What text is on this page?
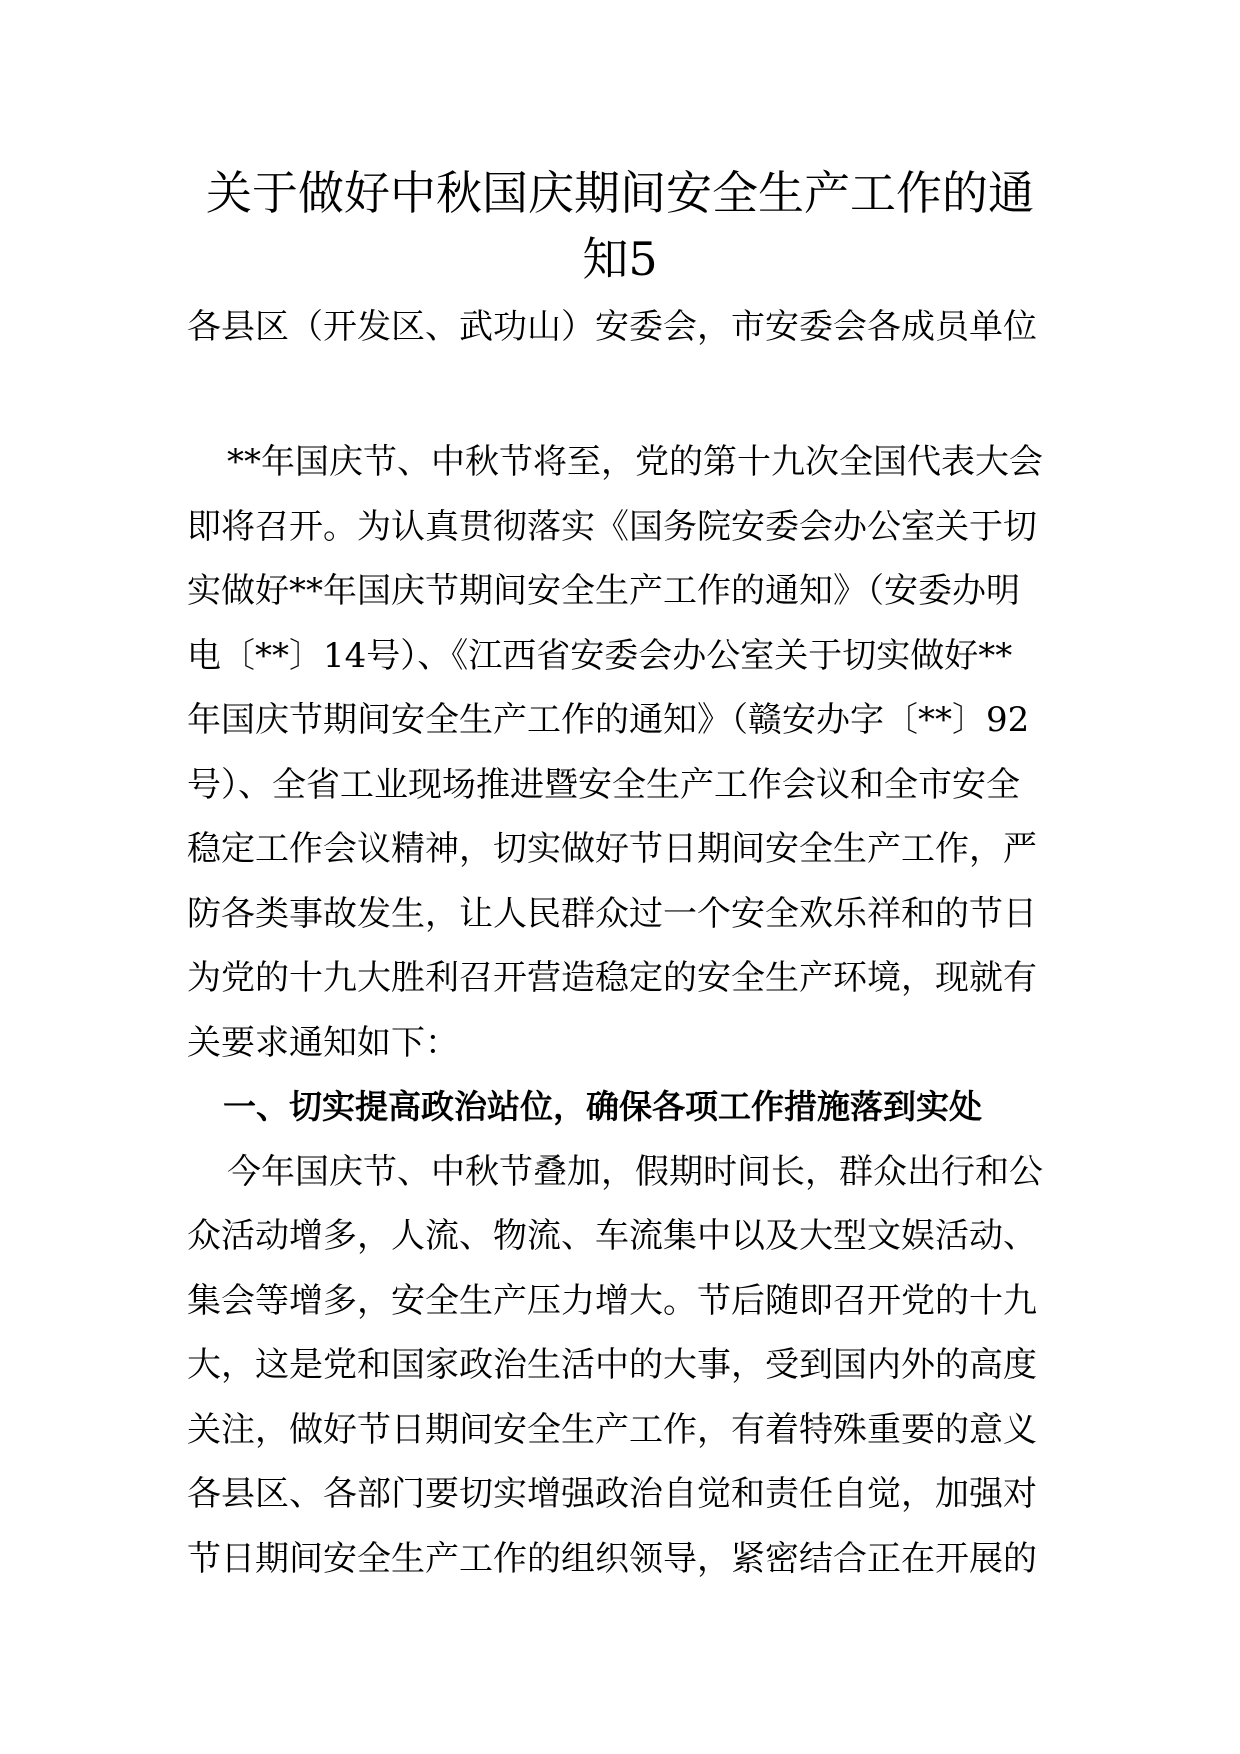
关于做好中秋国庆期间安全生产工作的通
知5

各县区（开发区、武功山）安委会，市安委会各成员单位

**年国庆节、中秋节将至，党的第十九次全国代表大会
即将召开。为认真贯彻落实《国务院安委会办公室关于切
实做好**年国庆节期间安全生产工作的通知》（安委办明
电〔**〕14号）、《江西省安委会办公室关于切实做好**
年国庆节期间安全生产工作的通知》（赣安办字〔**〕92
号）、全省工业现场推进暨安全生产工作会议和全市安全
稳定工作会议精神，切实做好节日期间安全生产工作，严
防各类事故发生，让人民群众过一个安全欢乐祥和的节日
为党的十九大胜利召开营造稳定的安全生产环境，现就有
关要求通知如下：
一、切实提高政治站位，确保各项工作措施落到实处
今年国庆节、中秋节叠加，假期时间长，群众出行和公
众活动增多，人流、物流、车流集中以及大型文娱活动、
集会等增多，安全生产压力增大。节后随即召开党的十九
大，这是党和国家政治生活中的大事，受到国内外的高度
关注，做好节日期间安全生产工作，有着特殊重要的意义
各县区、各部门要切实增强政治自觉和责任自觉，加强对
节日期间安全生产工作的组织领导，紧密结合正在开展的
